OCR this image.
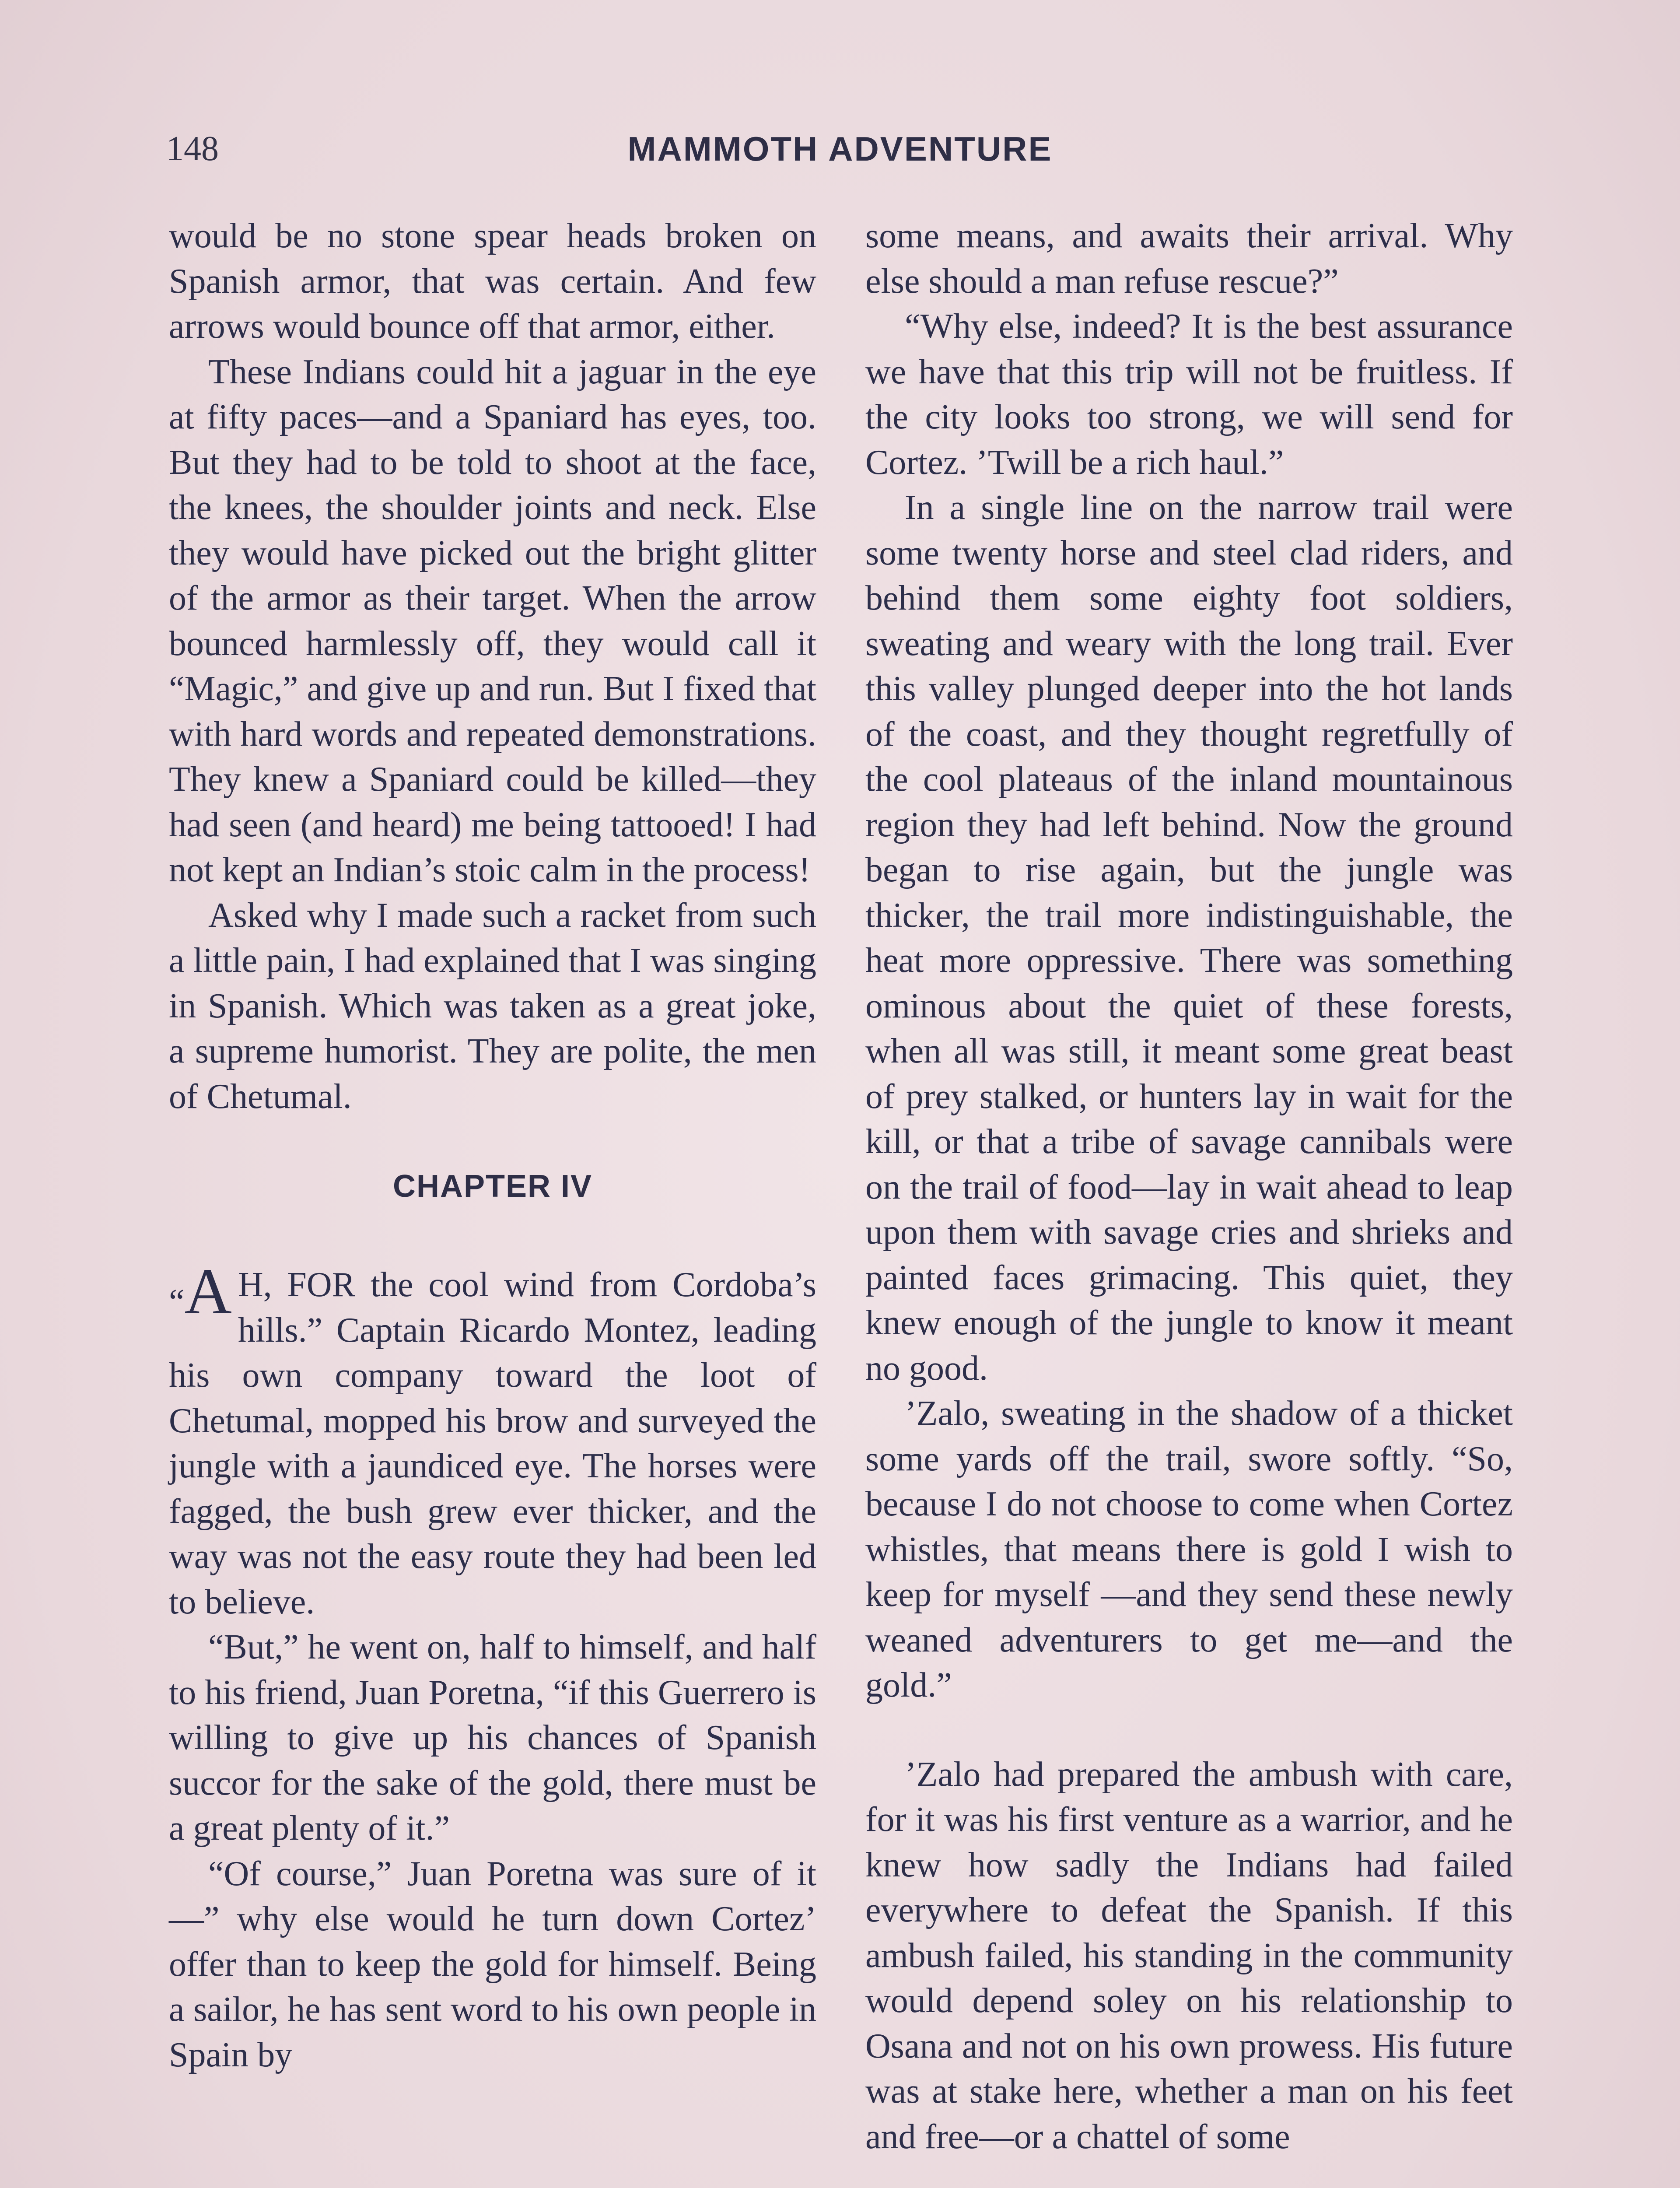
148	MAMMOTH ADVENTURE

would be no stone spear heads broken on Spanish armor, that was certain. And few arrows would bounce off that armor, either.

These Indians could hit a jaguar in the eye at fifty paces—and a Spaniard has eyes, too. But they had to be told to shoot at the face, the knees, the shoulder joints and neck. Else they would have picked out the bright glitter of the armor as their target. When the arrow bounced harmlessly off, they would call it “Magic,” and give up and run. But I fixed that with hard words and repeated demonstrations. They knew a Spaniard could be killed—they had seen (and heard) me being tattooed! I had not kept an Indian’s stoic calm in the process!

Asked why I made such a racket from such a little pain, I had explained that I was singing in Spanish. Which was taken as a great joke, a supreme humorist. They are polite, the men of Chetumal.

CHAPTER IV

“A H, FOR the cool wind from Cordoba’s hills.” Captain Ricardo Montez, leading his own company toward the loot of Chetumal, mopped his brow and surveyed the jungle with a jaundiced eye. The horses were fagged, the bush grew ever thicker, and the way was not the easy route they had been led to believe.

“But,” he went on, half to himself, and half to his friend, Juan Poretna, “if this Guerrero is willing to give up his chances of Spanish succor for the sake of the gold, there must be a great plenty of it.”

“Of course,” Juan Poretna was sure of it—” why else would he turn down Cortez’ offer than to keep the gold for himself. Being a sailor, he has sent word to his own people in Spain by

some means, and awaits their arrival. Why else should a man refuse rescue?”

“Why else, indeed? It is the best assurance we have that this trip will not be fruitless. If the city looks too strong, we will send for Cortez. ’Twill be a rich haul.”

In a single line on the narrow trail were some twenty horse and steel clad riders, and behind them some eighty foot soldiers, sweating and weary with the long trail. Ever this valley plunged deeper into the hot lands of the coast, and they thought regretfully of the cool plateaus of the inland mountainous region they had left behind. Now the ground began to rise again, but the jungle was thicker, the trail more indistinguishable, the heat more oppressive. There was something ominous about the quiet of these forests, when all was still, it meant some great beast of prey stalked, or hunters lay in wait for the kill, or that a tribe of savage cannibals were on the trail of food—lay in wait ahead to leap upon them with savage cries and shrieks and painted faces grimacing. This quiet, they knew enough of the jungle to know it meant no good.

’Zalo, sweating in the shadow of a thicket some yards off the trail, swore softly. “So, because I do not choose to come when Cortez whistles, that means there is gold I wish to keep for myself —and they send these newly weaned adventurers to get me—and the gold.”

’Zalo had prepared the ambush with care, for it was his first venture as a warrior, and he knew how sadly the Indians had failed everywhere to defeat the Spanish. If this ambush failed, his standing in the community would depend soley on his relationship to Osana and not on his own prowess. His future was at stake here, whether a man on his feet and free—or a chattel of some
